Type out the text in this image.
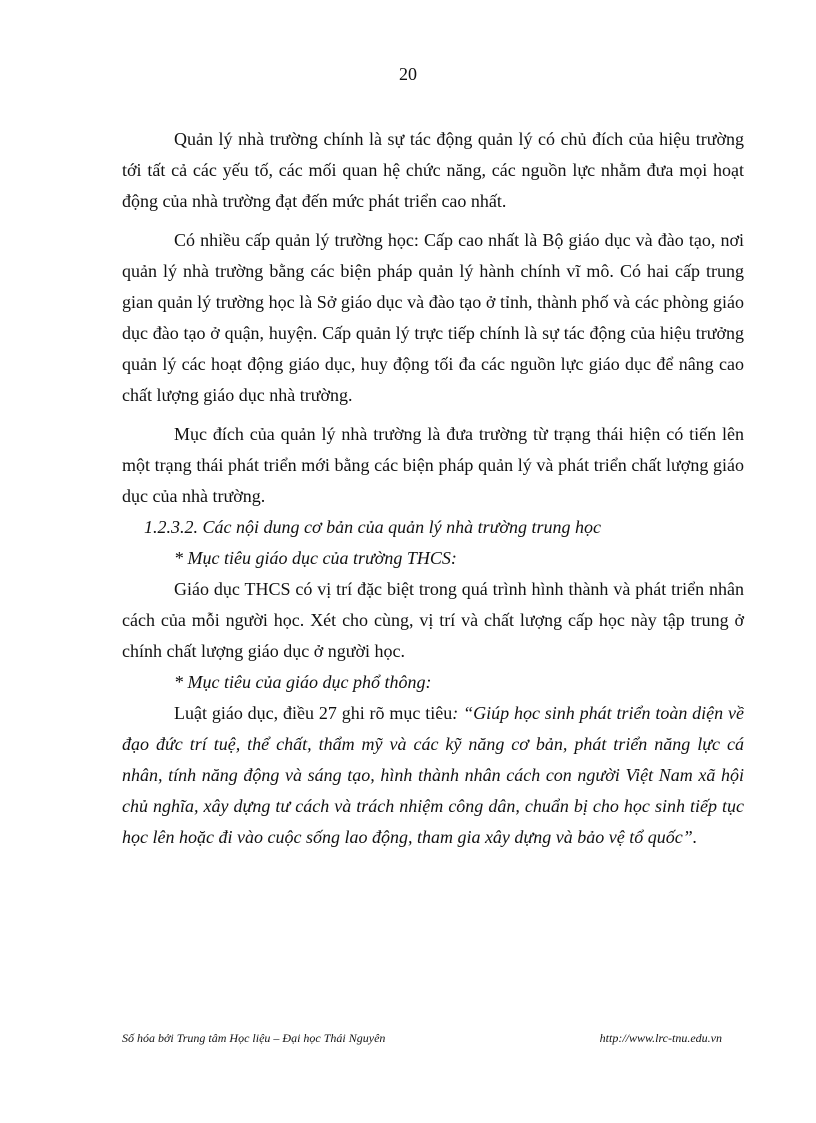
20

Quản lý nhà trường chính là sự tác động quản lý có chủ đích của hiệu trường tới tất cả các yếu tố, các mối quan hệ chức năng, các nguồn lực nhằm đưa mọi hoạt động của nhà trường đạt đến mức phát triển cao nhất.

Có nhiều cấp quản lý trường học: Cấp cao nhất là Bộ giáo dục và đào tạo, nơi quản lý nhà trường bằng các biện pháp quản lý hành chính vĩ mô. Có hai cấp trung gian quản lý trường học là Sở giáo dục và đào tạo ở tỉnh, thành phố và các phòng giáo dục đào tạo ở quận, huyện. Cấp quản lý trực tiếp chính là sự tác động của hiệu trưởng quản lý các hoạt động giáo dục, huy động tối đa các nguồn lực giáo dục để nâng cao chất lượng giáo dục nhà trường.

Mục đích của quản lý nhà trường là đưa trường từ trạng thái hiện có tiến lên một trạng thái phát triển mới bằng các biện pháp quản lý và phát triển chất lượng giáo dục của nhà trường.

1.2.3.2. Các nội dung cơ bản của quản lý nhà trường trung học

* Mục tiêu giáo dục của trường THCS:

Giáo dục THCS có vị trí đặc biệt trong quá trình hình thành và phát triển nhân cách của mỗi người học. Xét cho cùng, vị trí và chất lượng cấp học này tập trung ở chính chất lượng giáo dục ở người học.

* Mục tiêu của giáo dục phổ thông:

Luật giáo dục, điều 27 ghi rõ mục tiêu: “Giúp học sinh phát triển toàn diện về đạo đức trí tuệ, thể chất, thẩm mỹ và các kỹ năng cơ bản, phát triển năng lực cá nhân, tính năng động và sáng tạo, hình thành nhân cách con người Việt Nam xã hội chủ nghĩa, xây dựng tư cách và trách nhiệm công dân, chuẩn bị cho học sinh tiếp tục học lên hoặc đi vào cuộc sống lao động, tham gia xây dựng và bảo vệ tổ quốc”.

Số hóa bởi Trung tâm Học liệu – Đại học Thái Nguyên	http://www.lrc-tnu.edu.vn
